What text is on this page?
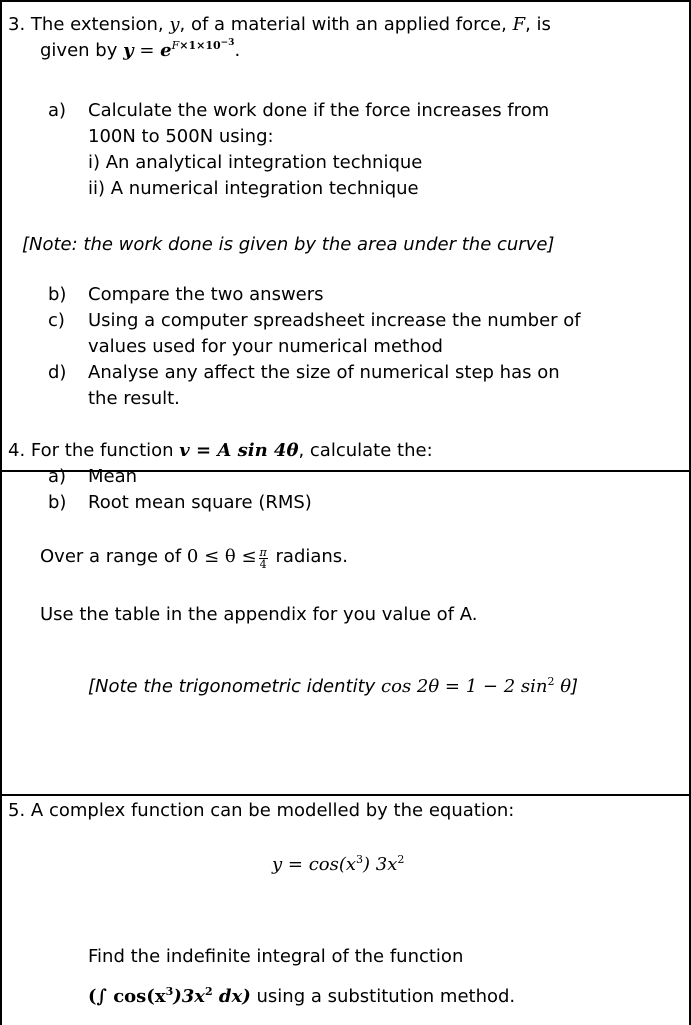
3. The extension, y, of a material with an applied force, F, is
given by $y = e^{F\times 1\times 10^{-3}}$.
a) Calculate the work done if the force increases from
100N to 500N using:
i) An analytical integration technique
ii) A numerical integration technique
[Note: the work done is given by the area under the curve]
b) Compare the two answers
c) Using a computer spreadsheet increase the number of
values used for your numerical method
d) Analyse any affect the size of numerical step has on
the result.
4. For the function v = A sin 4θ, calculate the:
a) Mean
b) Root mean square (RMS)
Over a range of $0 \le \theta \le \frac{\pi}{4}$ radians.
Use the table in the appendix for you value of A.
[Note the trigonometric identity cos 2θ = 1 − 2 $\sin^2 \theta$]
5. A complex function can be modelled by the equation:
$y = \cos(x^3)$ $3x^2$
Find the indefinite integral of the function
(∫ $\cos(x^3)3x^2$ dx) using a substitution method.
